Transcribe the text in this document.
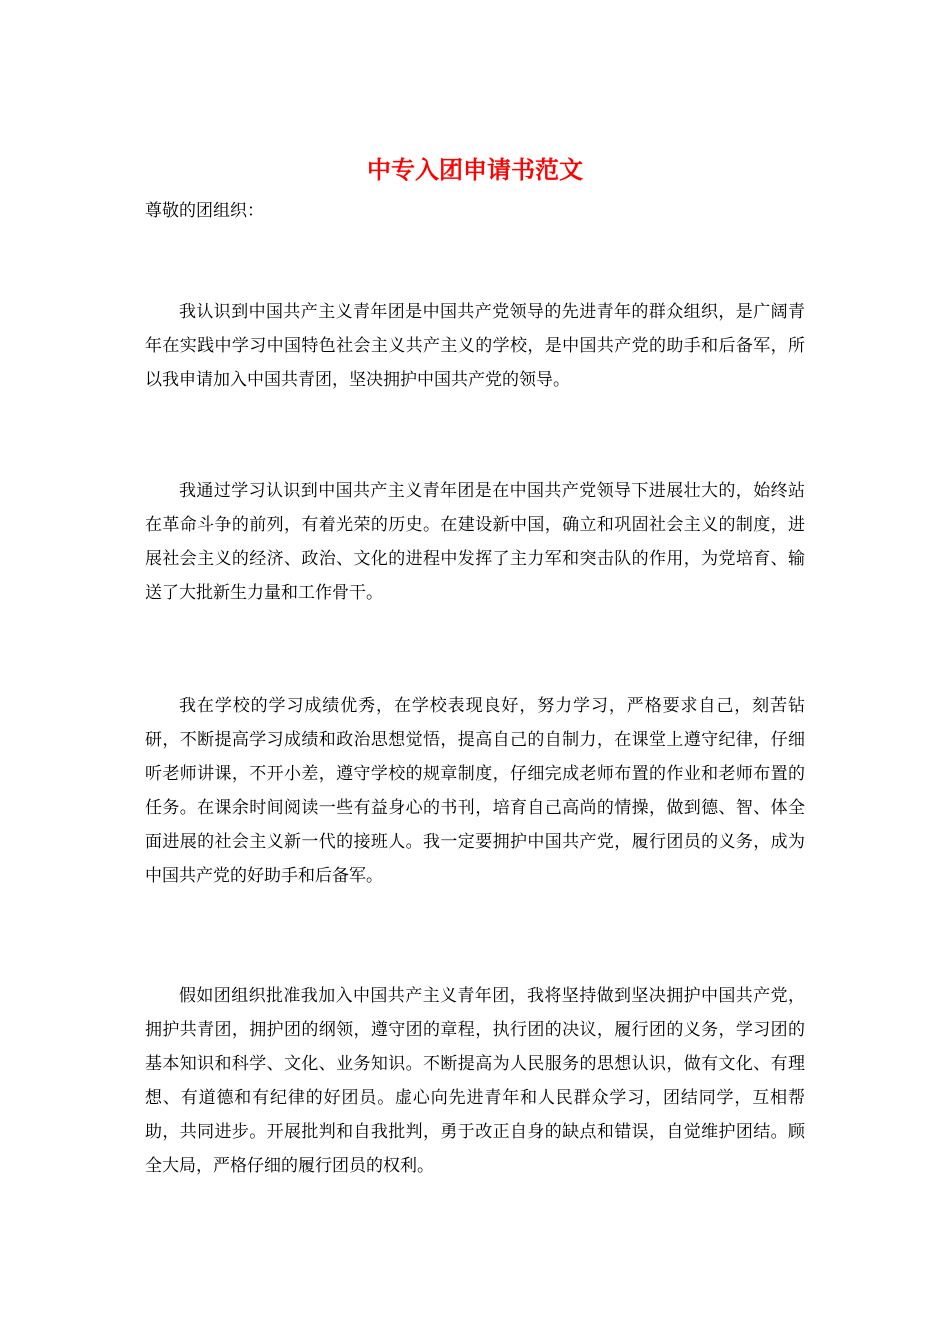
中专入团申请书范文

尊敬的团组织：

我认识到中国共产主义青年团是中国共产党领导的先进青年的群众组织，是广阔青年在实践中学习中国特色社会主义共产主义的学校，是中国共产党的助手和后备军，所以我申请加入中国共青团，坚决拥护中国共产党的领导。

我通过学习认识到中国共产主义青年团是在中国共产党领导下进展壮大的，始终站在革命斗争的前列，有着光荣的历史。在建设新中国，确立和巩固社会主义的制度，进展社会主义的经济、政治、文化的进程中发挥了主力军和突击队的作用，为党培育、输送了大批新生力量和工作骨干。

我在学校的学习成绩优秀，在学校表现良好，努力学习，严格要求自己，刻苦钻研，不断提高学习成绩和政治思想觉悟，提高自己的自制力，在课堂上遵守纪律，仔细听老师讲课，不开小差，遵守学校的规章制度，仔细完成老师布置的作业和老师布置的任务。在课余时间阅读一些有益身心的书刊，培育自己高尚的情操，做到德、智、体全面进展的社会主义新一代的接班人。我一定要拥护中国共产党，履行团员的义务，成为中国共产党的好助手和后备军。

假如团组织批准我加入中国共产主义青年团，我将坚持做到坚决拥护中国共产党，拥护共青团，拥护团的纲领，遵守团的章程，执行团的决议，履行团的义务，学习团的基本知识和科学、文化、业务知识。不断提高为人民服务的思想认识，做有文化、有理想、有道德和有纪律的好团员。虚心向先进青年和人民群众学习，团结同学，互相帮助，共同进步。开展批判和自我批判，勇于改正自身的缺点和错误，自觉维护团结。顾全大局，严格仔细的履行团员的权利。
